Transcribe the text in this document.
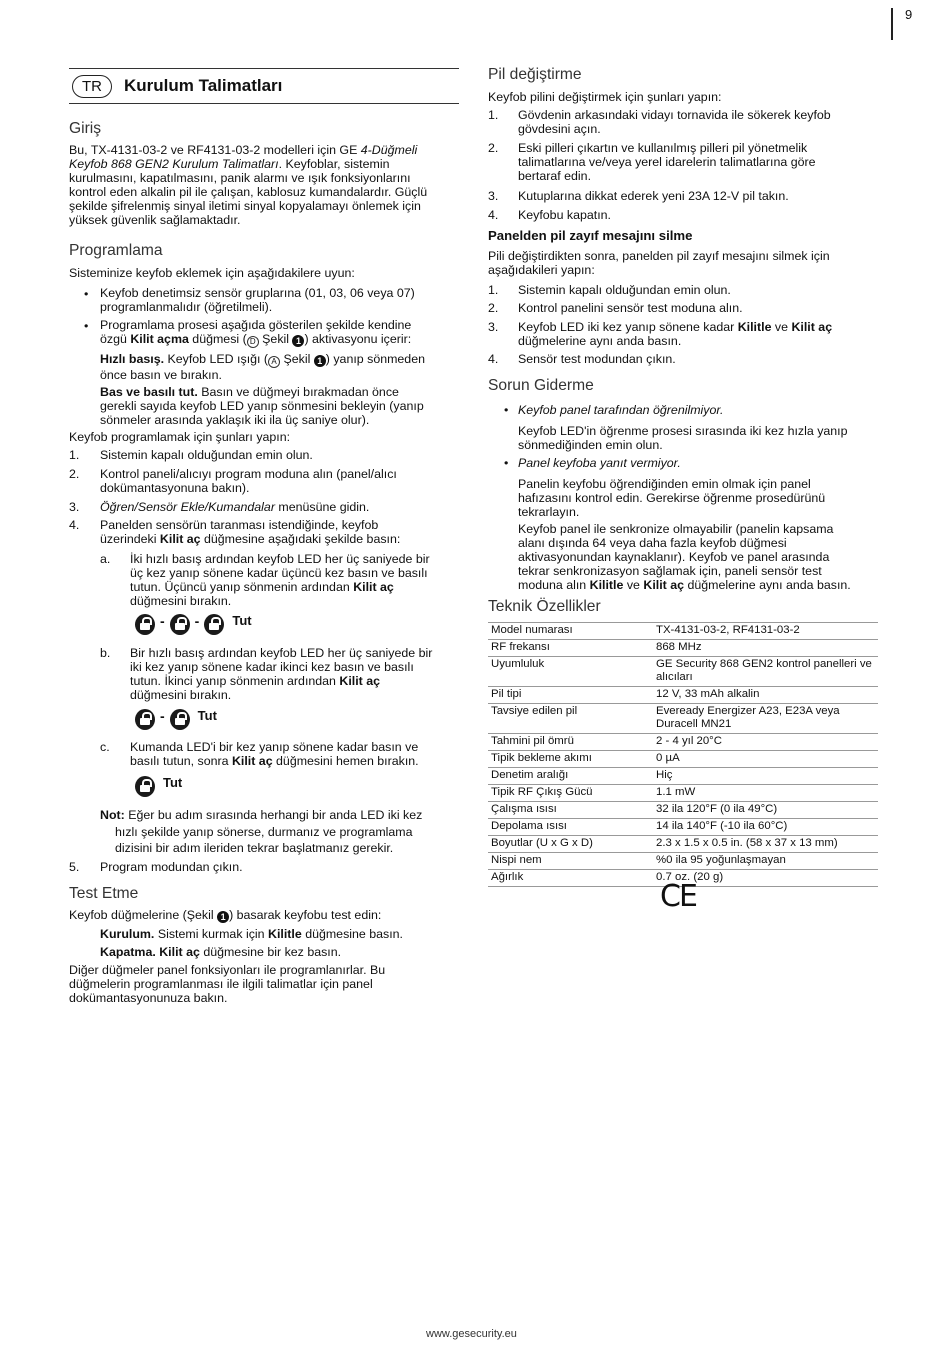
9
TR	Kurulum Talimatları
Giriş
Bu, TX-4131-03-2 ve RF4131-03-2 modelleri için GE 4-Düğmeli
Keyfob 868 GEN2 Kurulum Talimatları. Keyfoblar, sistemin
kurulmasını, kapatılmasını, panik alarmı ve ışık fonksiyonlarını
kontrol eden alkalin pil ile çalışan, kablosuz kumandalardır. Güçlü
şekilde şifrelenmiş sinyal iletimi sinyal kopyalamayı önlemek için
yüksek güvenlik sağlamaktadır.
Programlama

Sisteminize keyfob eklemek için aşağıdakilere uyun:

• Keyfob denetimsiz sensör gruplarına (01, 03, 06 veya 07)
programlanmalıdır (öğretilmeli).
• Programlama prosesi aşağıda gösterilen şekilde kendine
özgü Kilit açma düğmesi ( D Şekil 1 ) aktivasyonu içerir:
Hızlı basış. Keyfob LED ışığı ( A Şekil 1 ) yanıp sönmeden
önce basın ve bırakın.
Bas ve basılı tut. Basın ve düğmeyi bırakmadan önce
gerekli sayıda keyfob LED yanıp sönmesini bekleyin (yanıp
sönmeler arasında yaklaşık iki ila üç saniye olur).

Keyfob programlamak için şunları yapın:

1. Sistemin kapalı olduğundan emin olun.

2. Kontrol paneli/alıcıyı program moduna alın (panel/alıcı
dokümantasyonuna bakın).
3. Öğren/Sensör Ekle/Kumandalar menüsüne gidin.

4. Panelden sensörün taranması istendiğinde, keyfob
üzerindeki Kilit aç düğmesine aşağıdaki şekilde basın:
a. İki hızlı basış ardından keyfob LED her üç saniyede bir
üç kez yanıp sönene kadar üçüncü kez basın ve basılı
tutun. Üçüncü yanıp sönmenin ardından Kilit aç
düğmesini bırakın.
- -	Tut
b. Bir hızlı basış ardından keyfob LED her üç saniyede bir
iki kez yanıp sönene kadar ikinci kez basın ve basılı
tutun. İkinci yanıp sönmenin ardından Kilit aç
düğmesini bırakın.
-	Tut
c. Kumanda LED'i bir kez yanıp sönene kadar basın ve
basılı tutun, sonra Kilit aç düğmesini hemen bırakın.
Tut
Not: Eğer bu adım sırasında herhangi bir anda LED iki kez
hızlı şekilde yanıp sönerse, durmanız ve programlama
dizisini bir adım ileriden tekrar başlatmanız gerekir.
5. Program modundan çıkın.

Test Etme

Keyfob düğmelerine (Şekil 1 ) basarak keyfobu test edin:

Kurulum. Sistemi kurmak için Kilitle düğmesine basın.

Kapatma. Kilit aç düğmesine bir kez basın.

Diğer düğmeler panel fonksiyonları ile programlanırlar. Bu
düğmelerin programlanması ile ilgili talimatlar için panel
dokümantasyonunuza bakın.
Pil değiştirme

Keyfob pilini değiştirmek için şunları yapın:

1. Gövdenin arkasındaki vidayı tornavida ile sökerek keyfob
gövdesini açın.
2. Eski pilleri çıkartın ve kullanılmış pilleri pil yönetmelik
talimatlarına ve/veya yerel idarelerin talimatlarına göre
bertaraf edin.
3. Kutuplarına dikkat ederek yeni 23A 12-V pil takın.

4. Keyfobu kapatın.

Panelden pil zayıf mesajını silme
Pili değiştirdikten sonra, panelden pil zayıf mesajını silmek için
aşağıdakileri yapın:
1. Sistemin kapalı olduğundan emin olun.

2. Kontrol panelini sensör test moduna alın.

3. Keyfob LED iki kez yanıp sönene kadar Kilitle ve Kilit aç
düğmelerine aynı anda basın.
4. Sensör test modundan çıkın.

Sorun Giderme
• Keyfob panel tarafından öğrenilmiyor.

Keyfob LED'in öğrenme prosesi sırasında iki kez hızla yanıp
sönmediğinden emin olun.
• Panel keyfoba yanıt vermiyor.

Panelin keyfobu öğrendiğinden emin olmak için panel
hafızasını kontrol edin. Gerekirse öğrenme prosedürünü
tekrarlayın.
Keyfob panel ile senkronize olmayabilir (panelin kapsama
alanı dışında 64 veya daha fazla keyfob düğmesi
aktivasyonundan kaynaklanır). Keyfob ve panel arasında
tekrar senkronizasyon sağlamak için, paneli sensör test
moduna alın Kilitle ve Kilit aç düğmelerine aynı anda basın.
Teknik Özellikler
Model numarası	TX-4131-03-2, RF4131-03-2
RF frekansı	868 MHz
Uyumluluk	GE Security 868 GEN2 kontrol panelleri ve alıcıları
Pil tipi	12 V, 33 mAh alkalin
Tavsiye edilen pil	Eveready Energizer A23, E23A veya Duracell MN21
Tahmini pil ömrü	2 - 4 yıl 20°C
Tipik bekleme akımı	0 µA
Denetim aralığı	Hiç
Tipik RF Çıkış Gücü	1.1 mW
Çalışma ısısı	32 ila 120°F (0 ila 49°C)
Depolama ısısı	14 ila 140°F (-10 ila 60°C)
Boyutlar (U x G x D)	2.3 x 1.5 x 0.5 in. (58 x 37 x 13 mm)
Nispi nem	%0 ila 95 yoğunlaşmayan
Ağırlık	0.7 oz. (20 g)
CE
www.gesecurity.eu
